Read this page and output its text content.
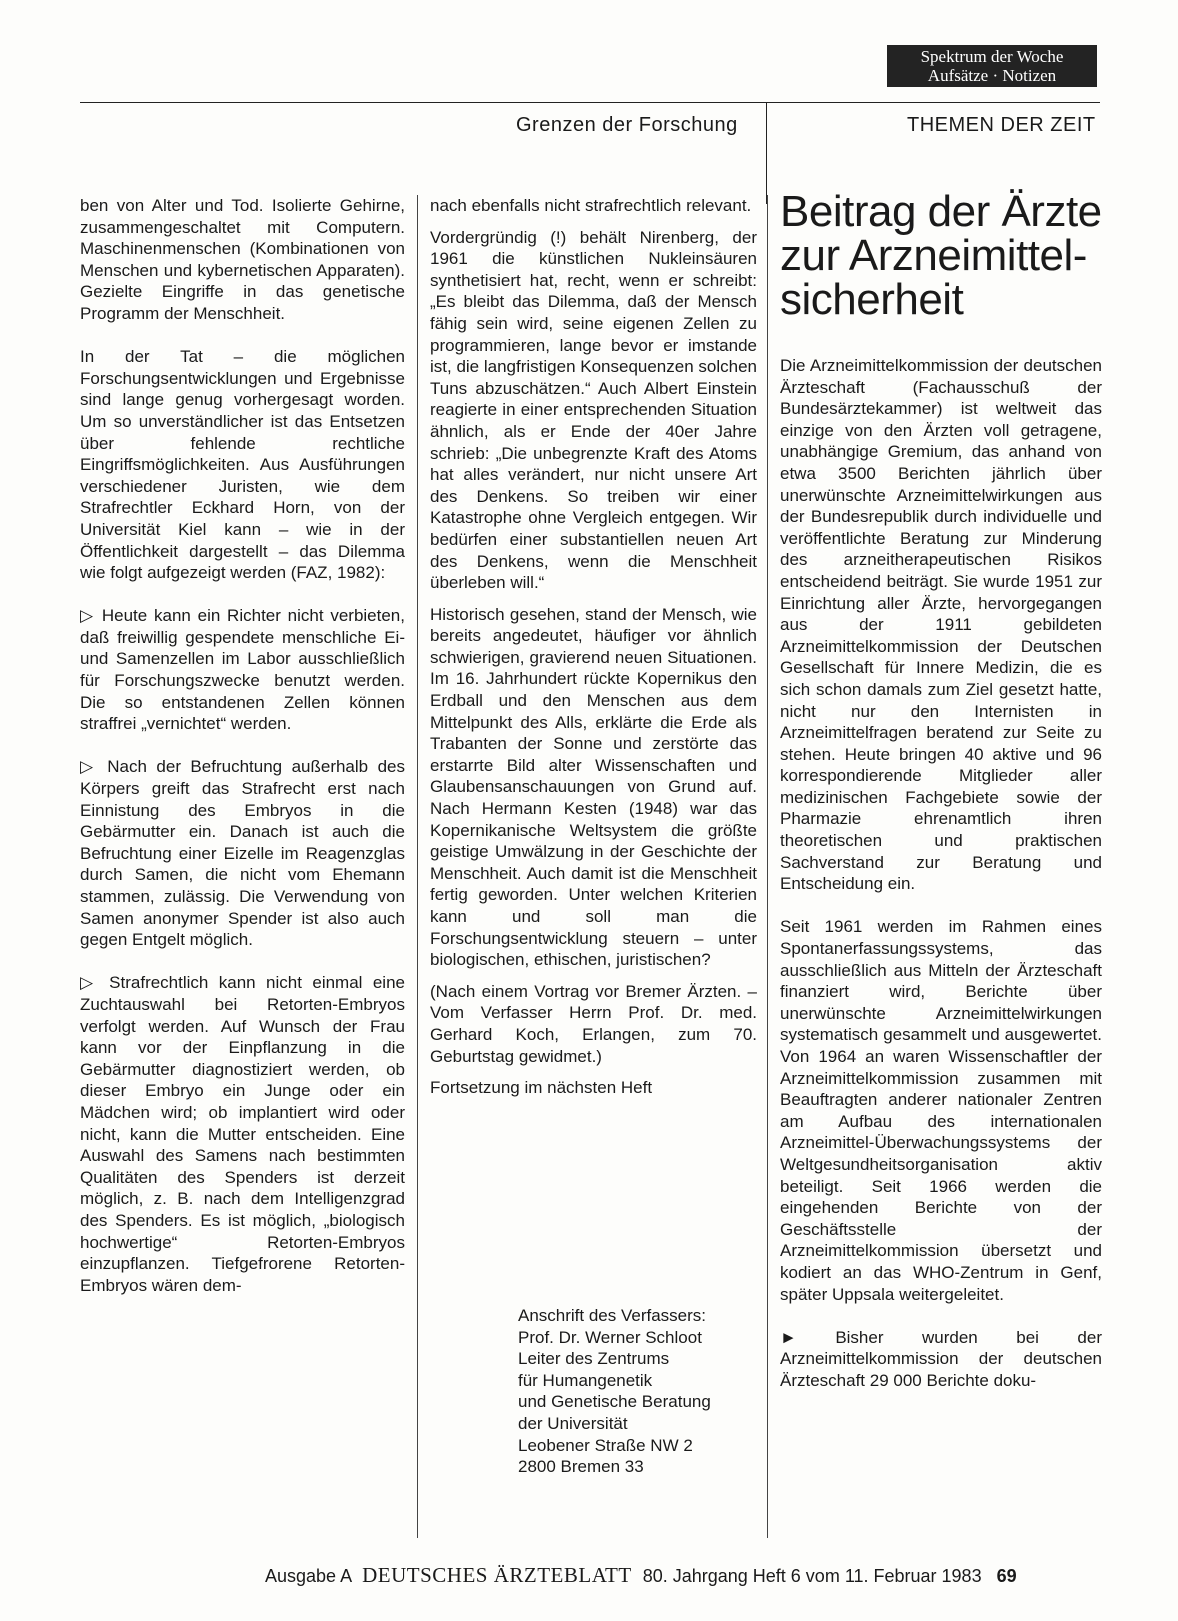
Spektrum der Woche
Aufsätze · Notizen
Grenzen der Forschung	THEMEN DER ZEIT

ben von Alter und Tod. Isolierte Gehirne, zusammengeschaltet mit Computern. Maschinenmenschen (Kombinationen von Menschen und kybernetischen Apparaten). Gezielte Eingriffe in das genetische Programm der Menschheit.

In der Tat – die möglichen Forschungsentwicklungen und Ergebnisse sind lange genug vorhergesagt worden. Um so unverständlicher ist das Entsetzen über fehlende rechtliche Eingriffsmöglichkeiten. Aus Ausführungen verschiedener Juristen, wie dem Strafrechtler Eckhard Horn, von der Universität Kiel kann – wie in der Öffentlichkeit dargestellt – das Dilemma wie folgt aufgezeigt werden (FAZ, 1982):

▷ Heute kann ein Richter nicht verbieten, daß freiwillig gespendete menschliche Ei- und Samenzellen im Labor ausschließlich für Forschungszwecke benutzt werden. Die so entstandenen Zellen können straffrei „vernichtet“ werden.

▷ Nach der Befruchtung außerhalb des Körpers greift das Strafrecht erst nach Einnistung des Embryos in die Gebärmutter ein. Danach ist auch die Befruchtung einer Eizelle im Reagenzglas durch Samen, die nicht vom Ehemann stammen, zulässig. Die Verwendung von Samen anonymer Spender ist also auch gegen Entgelt möglich.

▷ Strafrechtlich kann nicht einmal eine Zuchtauswahl bei Retorten-Embryos verfolgt werden. Auf Wunsch der Frau kann vor der Einpflanzung in die Gebärmutter diagnostiziert werden, ob dieser Embryo ein Junge oder ein Mädchen wird; ob implantiert wird oder nicht, kann die Mutter entscheiden. Eine Auswahl des Samens nach bestimmten Qualitäten des Spenders ist derzeit möglich, z. B. nach dem Intelligenzgrad des Spenders. Es ist möglich, „biologisch hochwertige“ Retorten-Embryos einzupflanzen. Tiefgefrorene Retorten-Embryos wären dem-

nach ebenfalls nicht strafrechtlich relevant.

Vordergründig (!) behält Nirenberg, der 1961 die künstlichen Nukleinsäuren synthetisiert hat, recht, wenn er schreibt: „Es bleibt das Dilemma, daß der Mensch fähig sein wird, seine eigenen Zellen zu programmieren, lange bevor er imstande ist, die langfristigen Konsequenzen solchen Tuns abzuschätzen.“ Auch Albert Einstein reagierte in einer entsprechenden Situation ähnlich, als er Ende der 40er Jahre schrieb: „Die unbegrenzte Kraft des Atoms hat alles verändert, nur nicht unsere Art des Denkens. So treiben wir einer Katastrophe ohne Vergleich entgegen. Wir bedürfen einer substantiellen neuen Art des Denkens, wenn die Menschheit überleben will.“

Historisch gesehen, stand der Mensch, wie bereits angedeutet, häufiger vor ähnlich schwierigen, gravierend neuen Situationen. Im 16. Jahrhundert rückte Kopernikus den Erdball und den Menschen aus dem Mittelpunkt des Alls, erklärte die Erde als Trabanten der Sonne und zerstörte das erstarrte Bild alter Wissenschaften und Glaubensanschauungen von Grund auf. Nach Hermann Kesten (1948) war das Kopernikanische Weltsystem die größte geistige Umwälzung in der Geschichte der Menschheit. Auch damit ist die Menschheit fertig geworden. Unter welchen Kriterien kann und soll man die Forschungsentwicklung steuern – unter biologischen, ethischen, juristischen?

(Nach einem Vortrag vor Bremer Ärzten. – Vom Verfasser Herrn Prof. Dr. med. Gerhard Koch, Erlangen, zum 70. Geburtstag gewidmet.)

Fortsetzung im nächsten Heft

Anschrift des Verfassers:
Prof. Dr. Werner Schloot
Leiter des Zentrums
für Humangenetik
und Genetische Beratung
der Universität
Leobener Straße NW 2
2800 Bremen 33
Beitrag der Ärzte
zur Arzneimittel-
sicherheit

Die Arzneimittelkommission der deutschen Ärzteschaft (Fachausschuß der Bundesärztekammer) ist weltweit das einzige von den Ärzten voll getragene, unabhängige Gremium, das anhand von etwa 3500 Berichten jährlich über unerwünschte Arzneimittelwirkungen aus der Bundesrepublik durch individuelle und veröffentlichte Beratung zur Minderung des arzneitherapeutischen Risikos entscheidend beiträgt. Sie wurde 1951 zur Einrichtung aller Ärzte, hervorgegangen aus der 1911 gebildeten Arzneimittelkommission der Deutschen Gesellschaft für Innere Medizin, die es sich schon damals zum Ziel gesetzt hatte, nicht nur den Internisten in Arzneimittelfragen beratend zur Seite zu stehen. Heute bringen 40 aktive und 96 korrespondierende Mitglieder aller medizinischen Fachgebiete sowie der Pharmazie ehrenamtlich ihren theoretischen und praktischen Sachverstand zur Beratung und Entscheidung ein.

Seit 1961 werden im Rahmen eines Spontanerfassungssystems, das ausschließlich aus Mitteln der Ärzteschaft finanziert wird, Berichte über unerwünschte Arzneimittelwirkungen systematisch gesammelt und ausgewertet. Von 1964 an waren Wissenschaftler der Arzneimittelkommission zusammen mit Beauftragten anderer nationaler Zentren am Aufbau des internationalen Arzneimittel-Überwachungssystems der Weltgesundheitsorganisation aktiv beteiligt. Seit 1966 werden die eingehenden Berichte von der Geschäftsstelle der Arzneimittelkommission übersetzt und kodiert an das WHO-Zentrum in Genf, später Uppsala weitergeleitet.

► Bisher wurden bei der Arzneimittelkommission der deutschen Ärzteschaft 29 000 Berichte doku-

Ausgabe A DEUTSCHES ÄRZTEBLATT 80. Jahrgang Heft 6 vom 11. Februar 1983 69
